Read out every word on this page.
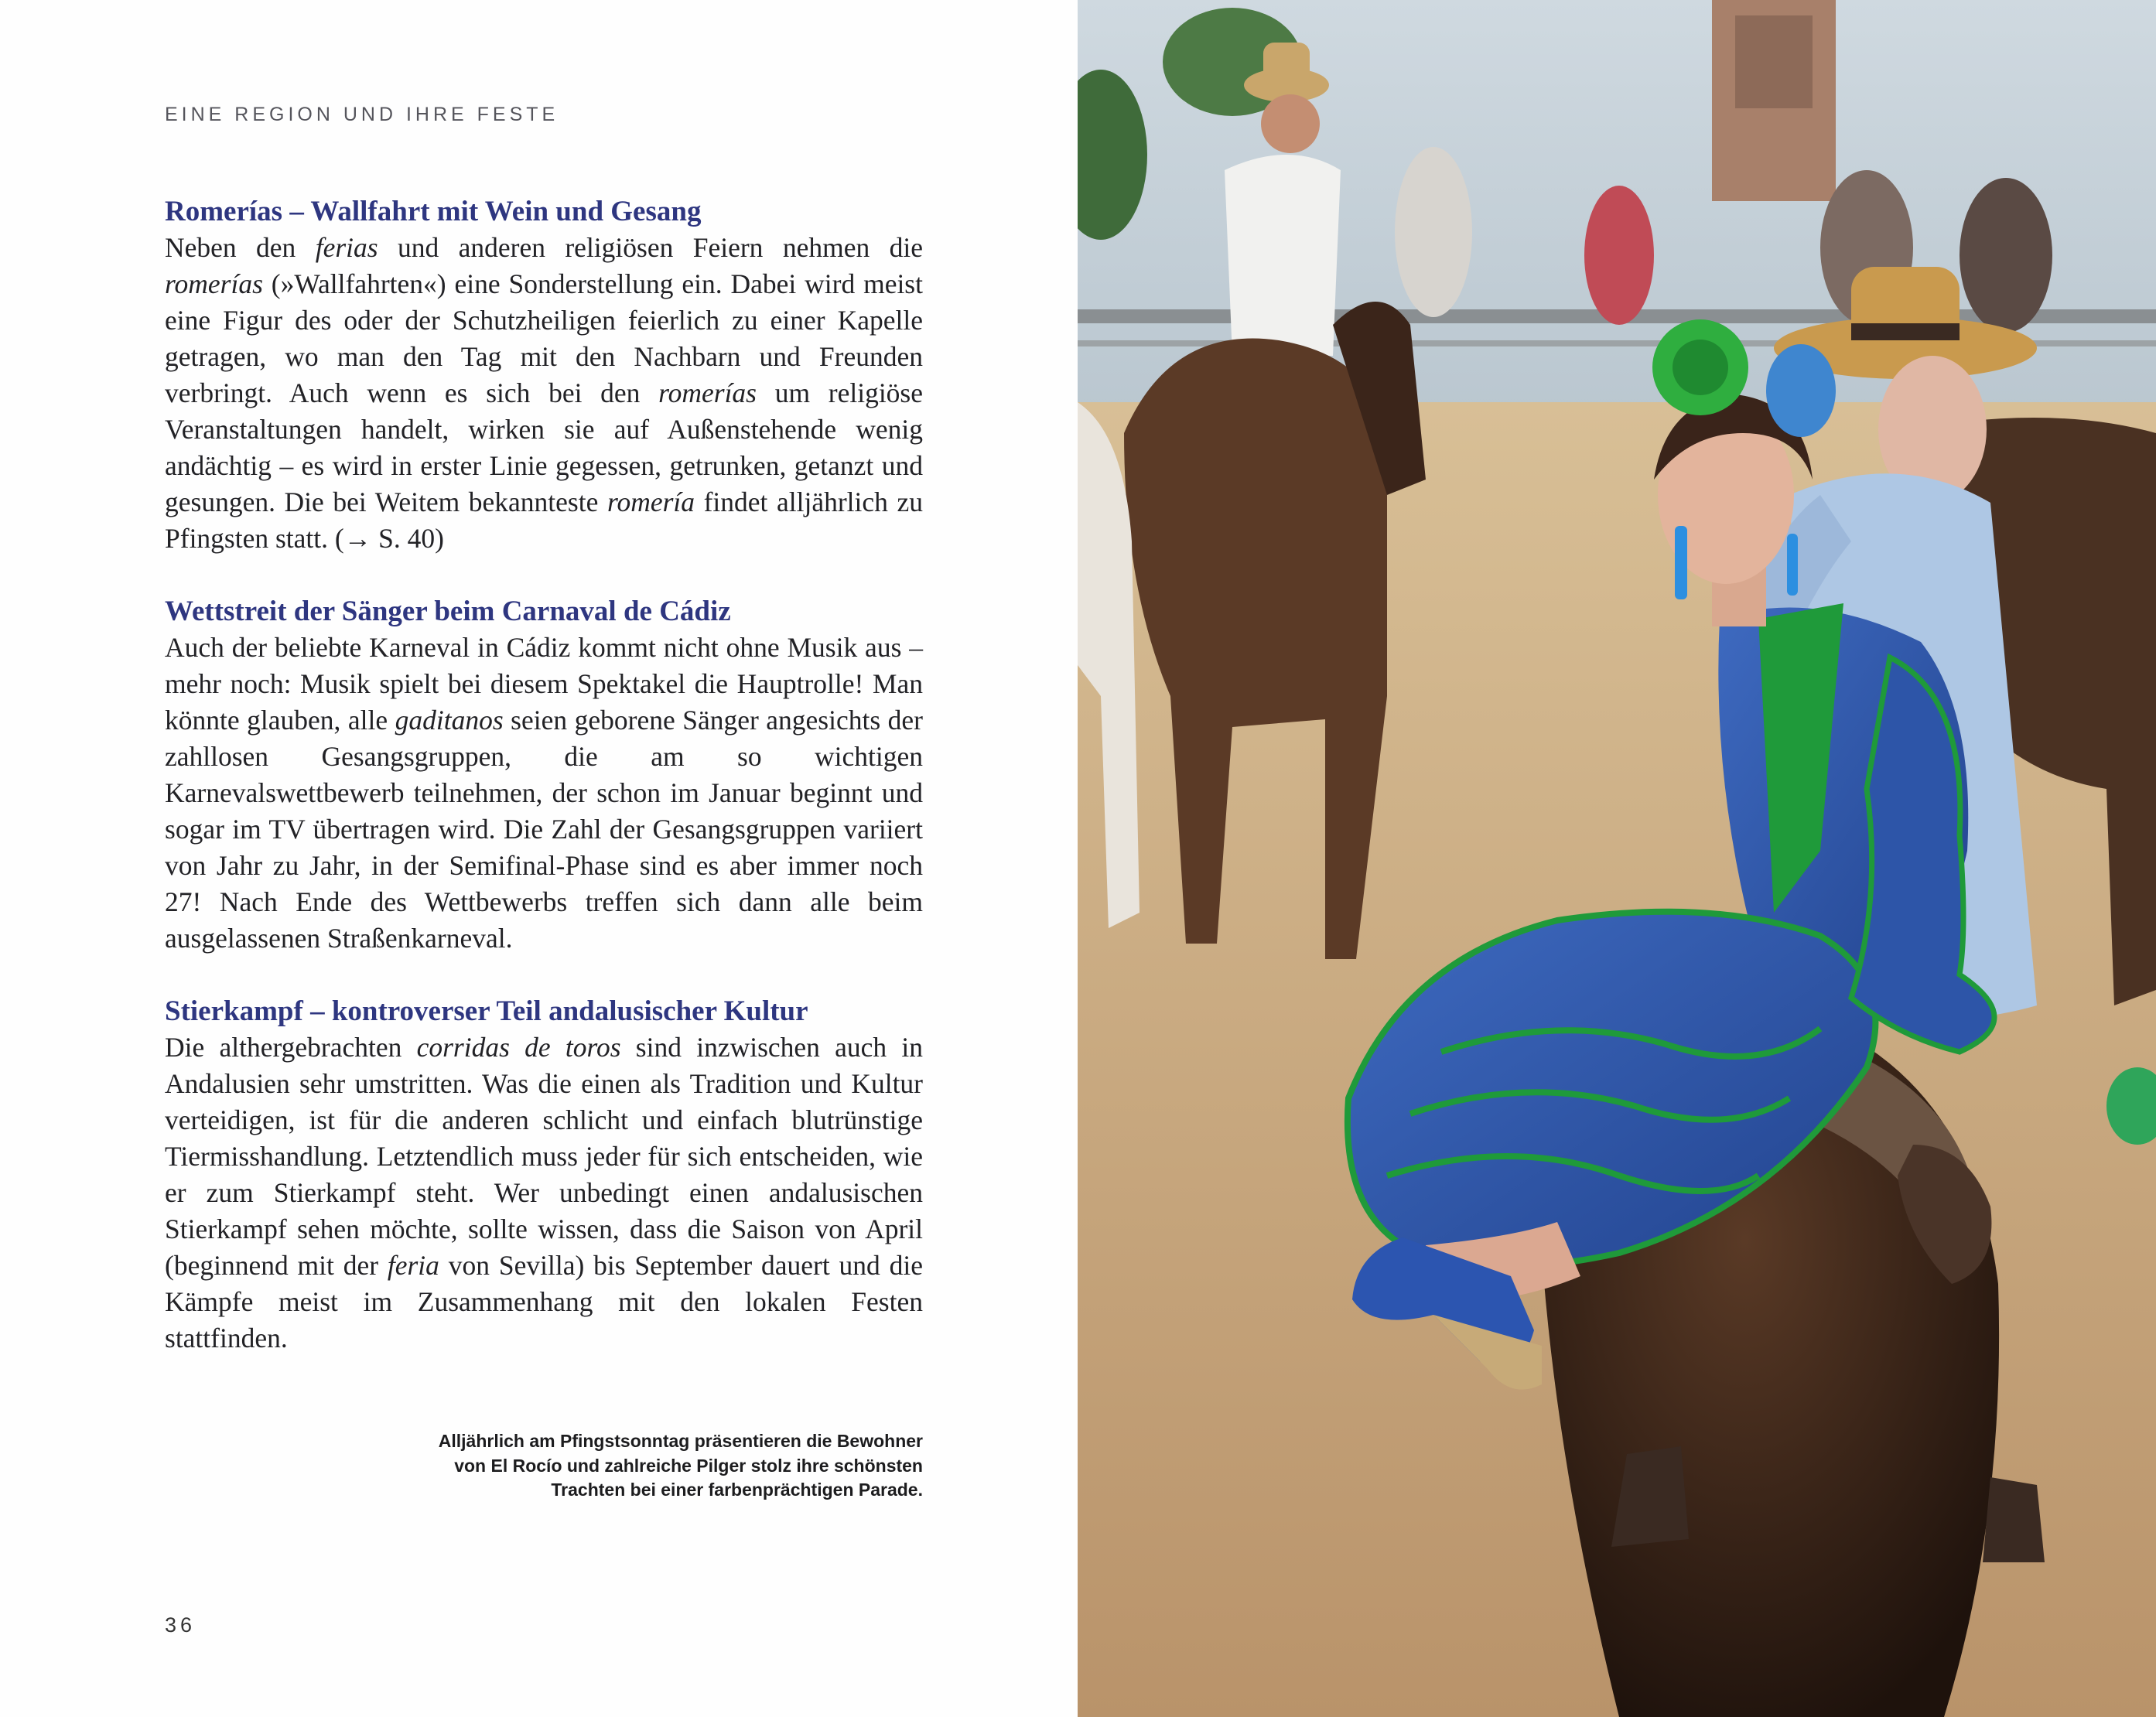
EINE REGION UND IHRE FESTE
Romerías – Wallfahrt mit Wein und Gesang

Neben den ferias und anderen religiösen Feiern nehmen die romerías (»Wallfahrten«) eine Sonderstellung ein. Dabei wird meist eine Figur des oder der Schutzheiligen feierlich zu einer Kapelle getragen, wo man den Tag mit den Nachbarn und Freunden verbringt. Auch wenn es sich bei den romerías um religiöse Veranstaltungen handelt, wirken sie auf Außenstehende wenig andächtig – es wird in erster Linie gegessen, getrunken, getanzt und gesungen. Die bei Weitem bekannteste romería findet alljährlich zu Pfingsten statt. (→ S. 40)

Wettstreit der Sänger beim Carnaval de Cádiz

Auch der beliebte Karneval in Cádiz kommt nicht ohne Musik aus – mehr noch: Musik spielt bei diesem Spektakel die Hauptrolle! Man könnte glauben, alle gaditanos seien geborene Sänger angesichts der zahllosen Gesangsgruppen, die am so wichtigen Karnevalswettbewerb teilnehmen, der schon im Januar beginnt und sogar im TV übertragen wird. Die Zahl der Gesangsgruppen variiert von Jahr zu Jahr, in der Semifinal-Phase sind es aber immer noch 27! Nach Ende des Wettbewerbs treffen sich dann alle beim ausgelassenen Straßenkarneval.

Stierkampf – kontroverser Teil andalusischer Kultur

Die althergebrachten corridas de toros sind inzwischen auch in Andalusien sehr umstritten. Was die einen als Tradition und Kultur verteidigen, ist für die anderen schlicht und einfach blutrünstige Tiermisshandlung. Letztendlich muss jeder für sich entscheiden, wie er zum Stierkampf steht. Wer unbedingt einen andalusischen Stierkampf sehen möchte, sollte wissen, dass die Saison von April (beginnend mit der feria von Sevilla) bis September dauert und die Kämpfe meist im Zusammenhang mit den lokalen Festen stattfinden.

Alljährlich am Pfingstsonntag präsentieren die Bewohner von El Rocío und zahlreiche Pilger stolz ihre schönsten Trachten bei einer farbenprächtigen Parade.
36
